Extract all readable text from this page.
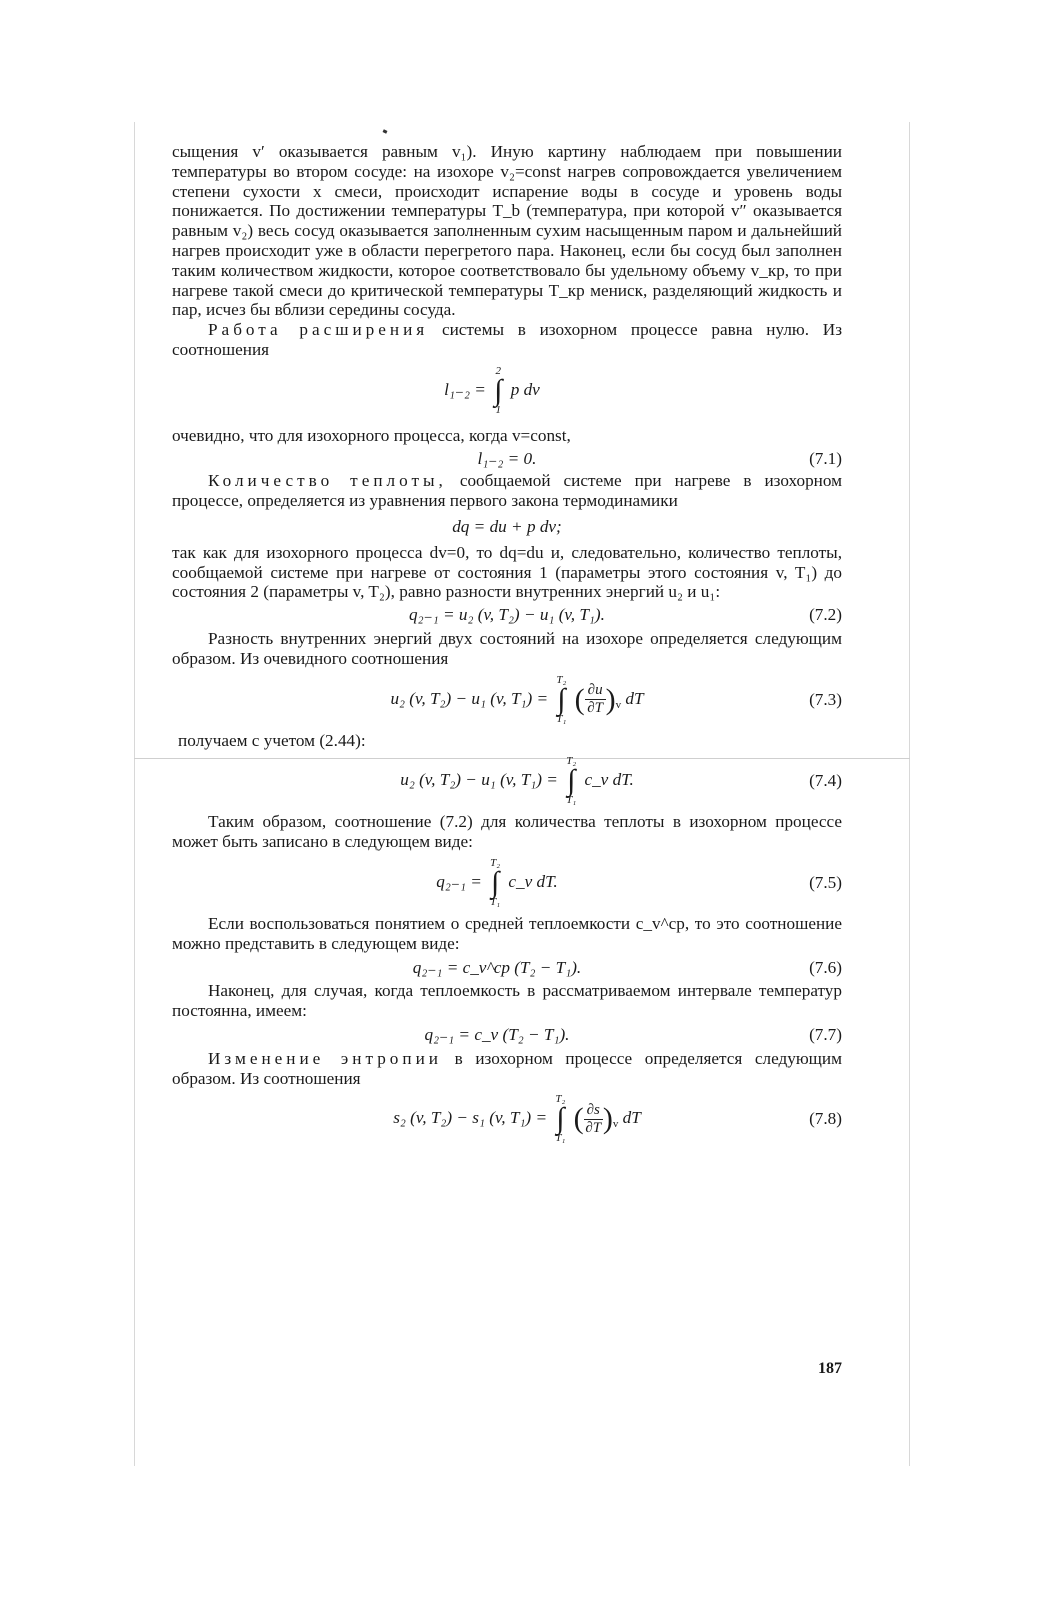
сыщения v′ оказывается равным v₁). Иную картину наблюдаем при повышении температуры во втором сосуде: на изохоре v₂=const нагрев сопровождается увеличением степени сухости x смеси, происходит испарение воды в сосуде и уровень воды понижается. По достижении температуры T_b (температура, при которой v″ оказывается равным v₂) весь сосуд оказывается заполненным сухим насыщенным паром и дальнейший нагрев происходит уже в области перегретого пара. Наконец, если бы сосуд был заполнен таким количеством жидкости, которое соответствовало бы удельному объему v_кр, то при нагреве такой смеси до критической температуры T_кр мениск, разделяющий жидкость и пар, исчез бы вблизи середины сосуда.

Работа расширения системы в изохорном процессе равна нулю. Из соотношения

l₁₋₂ =
2
∫
1
p dv

очевидно, что для изохорного процесса, когда v=const,

l₁₋₂ = 0.	(7.1)

Количество теплоты, сообщаемой системе при нагреве в изохорном процессе, определяется из уравнения первого закона термодинамики

dq = du + p dv;

так как для изохорного процесса dv=0, то dq=du и, следовательно, количество теплоты, сообщаемой системе при нагреве от состояния 1 (параметры этого состояния v, T₁) до состояния 2 (параметры v, T₂), равно разности внутренних энергий u₂ и u₁:

q₂₋₁ = u₂ (v, T₂) − u₁ (v, T₁).	(7.2)

Разность внутренних энергий двух состояний на изохоре определяется следующим образом. Из очевидного соотношения

u₂ (v, T₂) − u₁ (v, T₁) =
T₂
∫
T₁
( $\frac{\partial u}{\partial T} )_v$ dT	(7.3)

получаем с учетом (2.44):

u₂ (v, T₂) − u₁ (v, T₁) =
T₂
∫
T₁
c_v dT.	(7.4)

Таким образом, соотношение (7.2) для количества теплоты в изохорном процессе может быть записано в следующем виде:

q₂₋₁ =
T₂
∫
T₁
c_v dT.	(7.5)

Если воспользоваться понятием о средней теплоемкости c_v^ср, то это соотношение можно представить в следующем виде:

q₂₋₁ = c_v^ср (T₂ − T₁).	(7.6)

Наконец, для случая, когда теплоемкость в рассматриваемом интервале температур постоянна, имеем:

q₂₋₁ = c_v (T₂ − T₁).	(7.7)

Изменение энтропии в изохорном процессе определяется следующим образом. Из соотношения

s₂ (v, T₂) − s₁ (v, T₁) =
T₂
∫
T₁
( $\frac{\partial s}{\partial T} )_v$ dT	(7.8)
187
